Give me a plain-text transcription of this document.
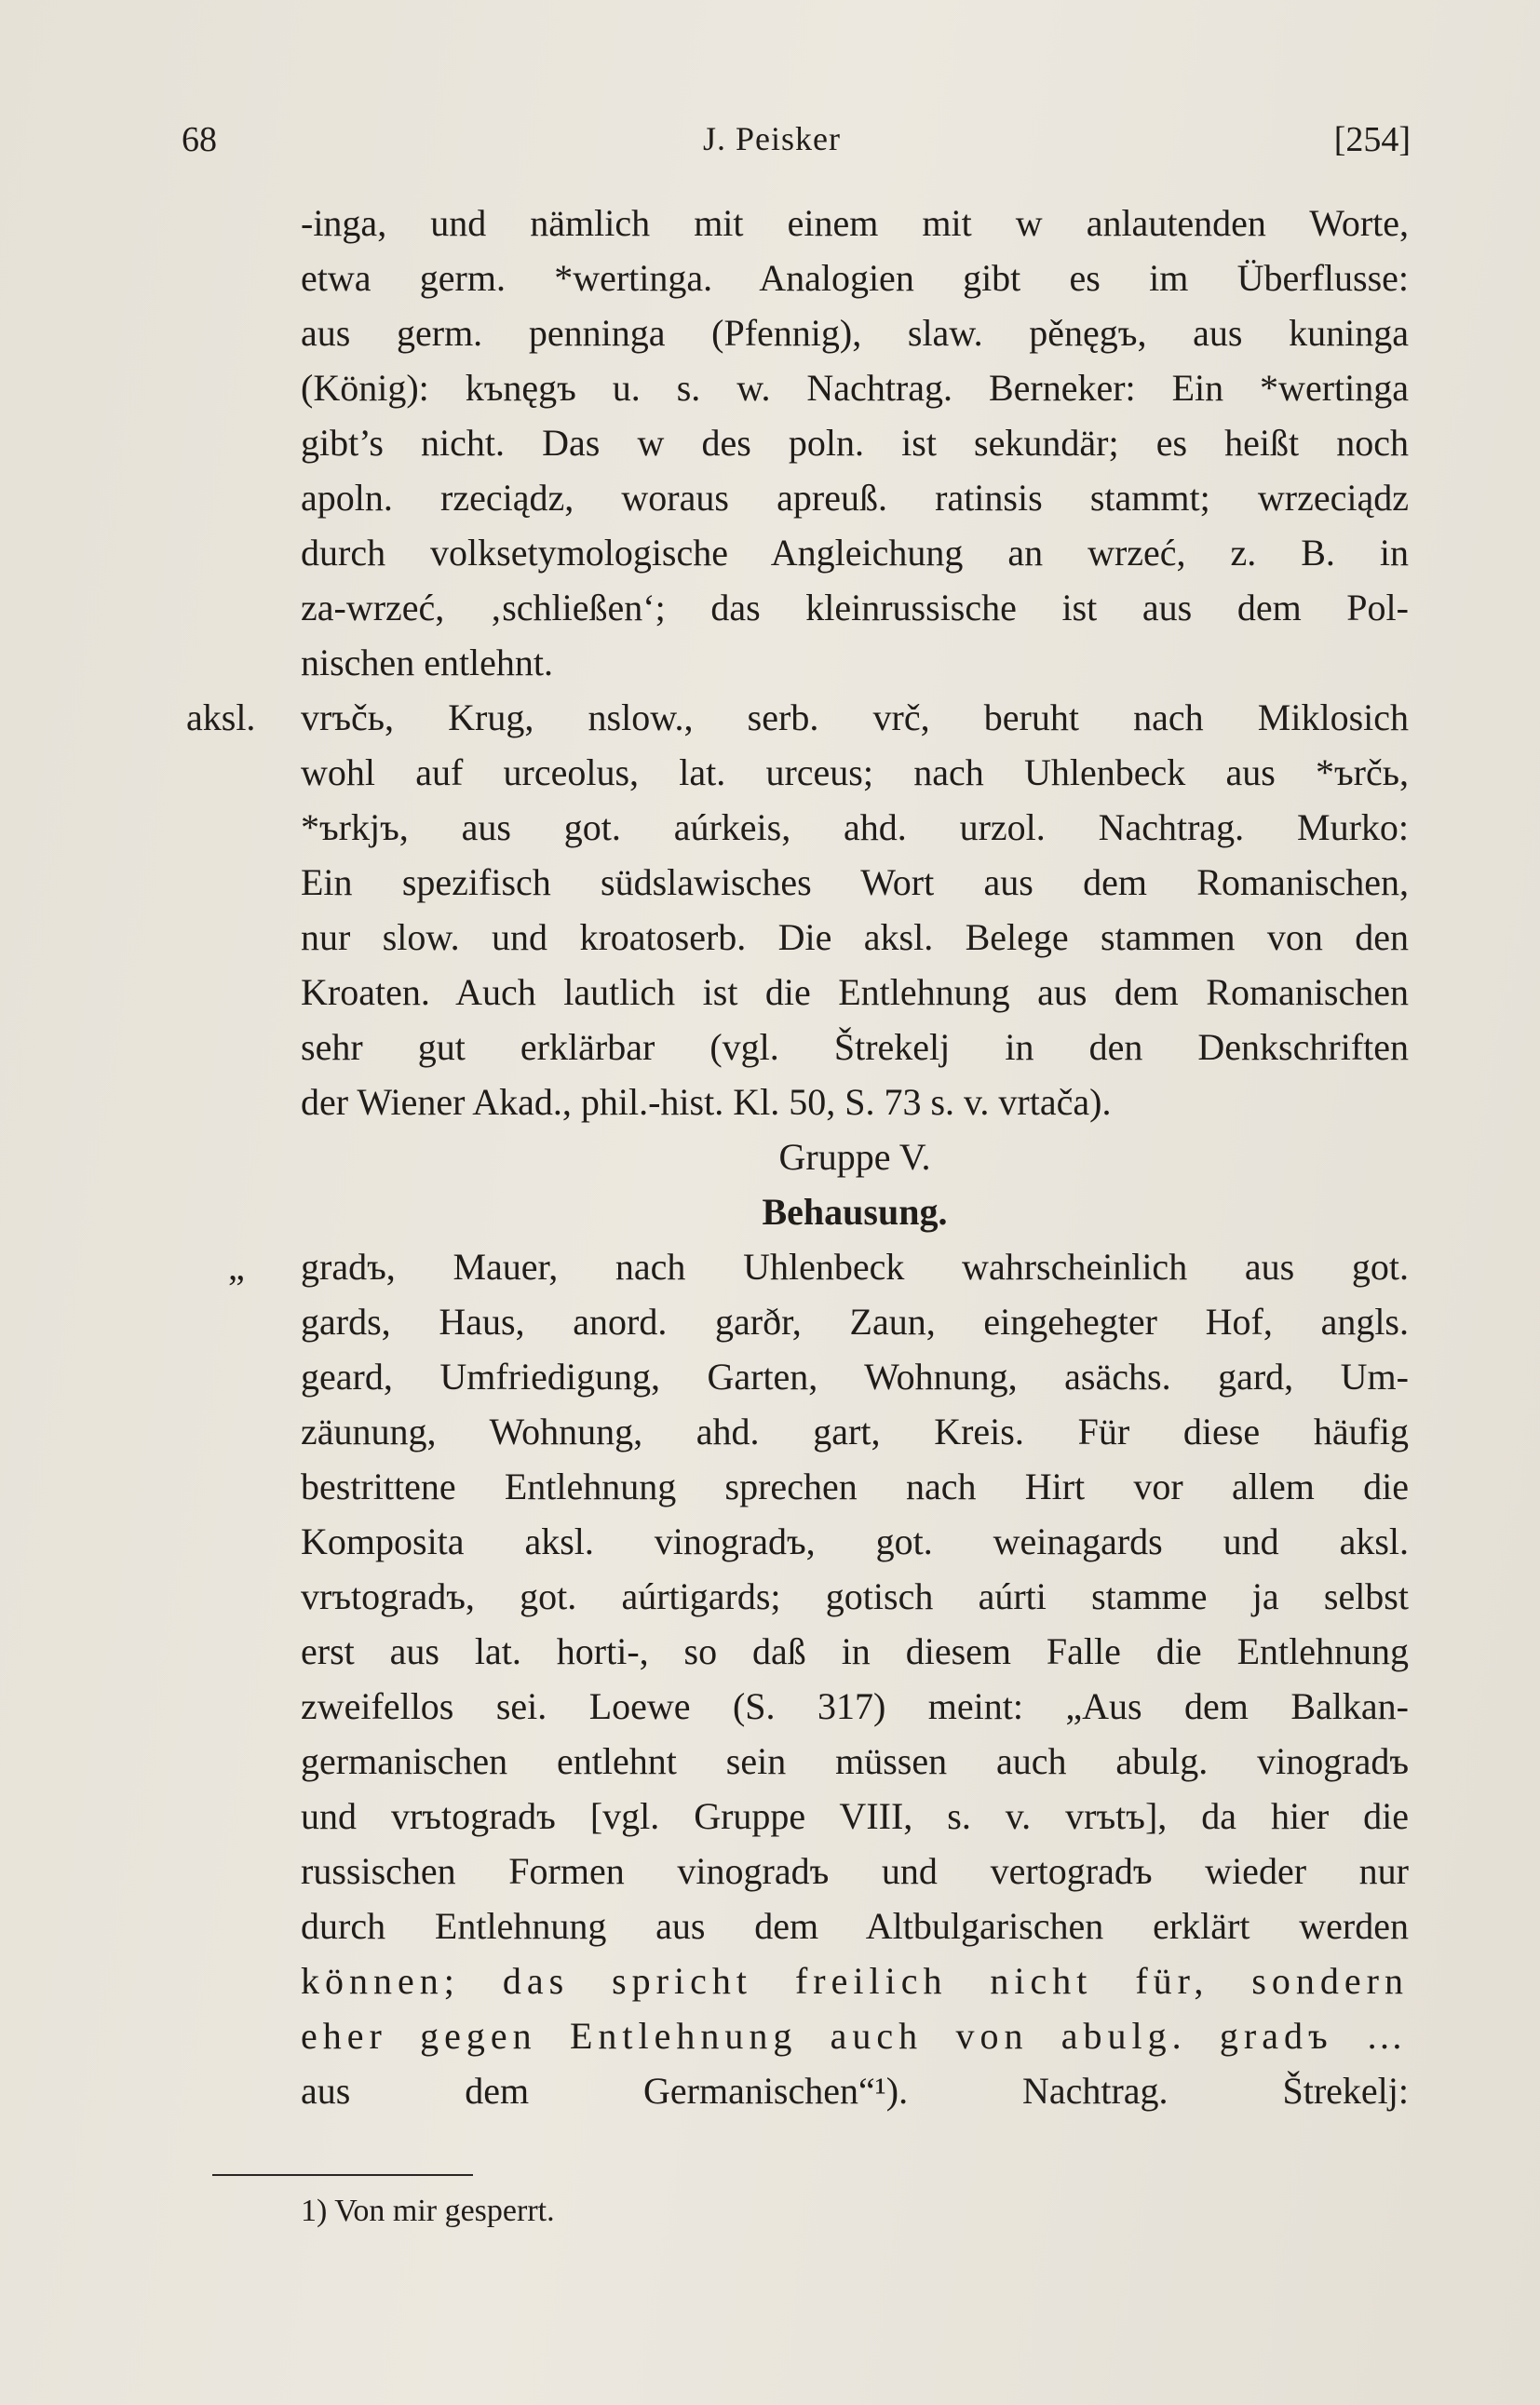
68	J. Peisker	[254]
-inga, und nämlich mit einem mit w anlautenden Worte,
etwa germ. *wertinga. Analogien gibt es im Überflusse:
aus germ. penninga (Pfennig), slaw. pěnęgъ, aus kuninga
(König): kъnęgъ u. s. w. Nachtrag. Berneker: Ein *wertinga
gibt’s nicht. Das w des poln. ist sekundär; es heißt noch
apoln. rzeciądz, woraus apreuß. ratinsis stammt; wrzeciądz
durch volksetymologische Angleichung an wrzeć, z. B. in
za-wrzeć, ‚schließen‘; das kleinrussische ist aus dem Pol-
nischen entlehnt.
aksl. vrъčь, Krug, nslow., serb. vrč, beruht nach Miklosich
wohl auf urceolus, lat. urceus; nach Uhlenbeck aus *ъrčь,
*ъrkjъ, aus got. aúrkeis, ahd. urzol. Nachtrag. Murko:
Ein spezifisch südslawisches Wort aus dem Romanischen,
nur slow. und kroatoserb. Die aksl. Belege stammen von den
Kroaten. Auch lautlich ist die Entlehnung aus dem Romanischen
sehr gut erklärbar (vgl. Štrekelj in den Denkschriften
der Wiener Akad., phil.-hist. Kl. 50, S. 73 s. v. vrtača).
Gruppe V.
Behausung.
„ gradъ, Mauer, nach Uhlenbeck wahrscheinlich aus got.
gards, Haus, anord. garðr, Zaun, eingehegter Hof, angls.
geard, Umfriedigung, Garten, Wohnung, asächs. gard, Um-
zäunung, Wohnung, ahd. gart, Kreis. Für diese häufig
bestrittene Entlehnung sprechen nach Hirt vor allem die
Komposita aksl. vinogradъ, got. weinagards und aksl.
vrъtogradъ, got. aúrtigards; gotisch aúrti stamme ja selbst
erst aus lat. horti-, so daß in diesem Falle die Entlehnung
zweifellos sei. Loewe (S. 317) meint: „Aus dem Balkan-
germanischen entlehnt sein müssen auch abulg. vinogradъ
und vrъtogradъ [vgl. Gruppe VIII, s. v. vrъtъ], da hier die
russischen Formen vinogradъ und vertogradъ wieder nur
durch Entlehnung aus dem Altbulgarischen erklärt werden
können; das spricht freilich nicht für, sondern
eher gegen Entlehnung auch von abulg. gradъ …
aus dem Germanischen“¹). Nachtrag. Štrekelj:
1) Von mir gesperrt.
